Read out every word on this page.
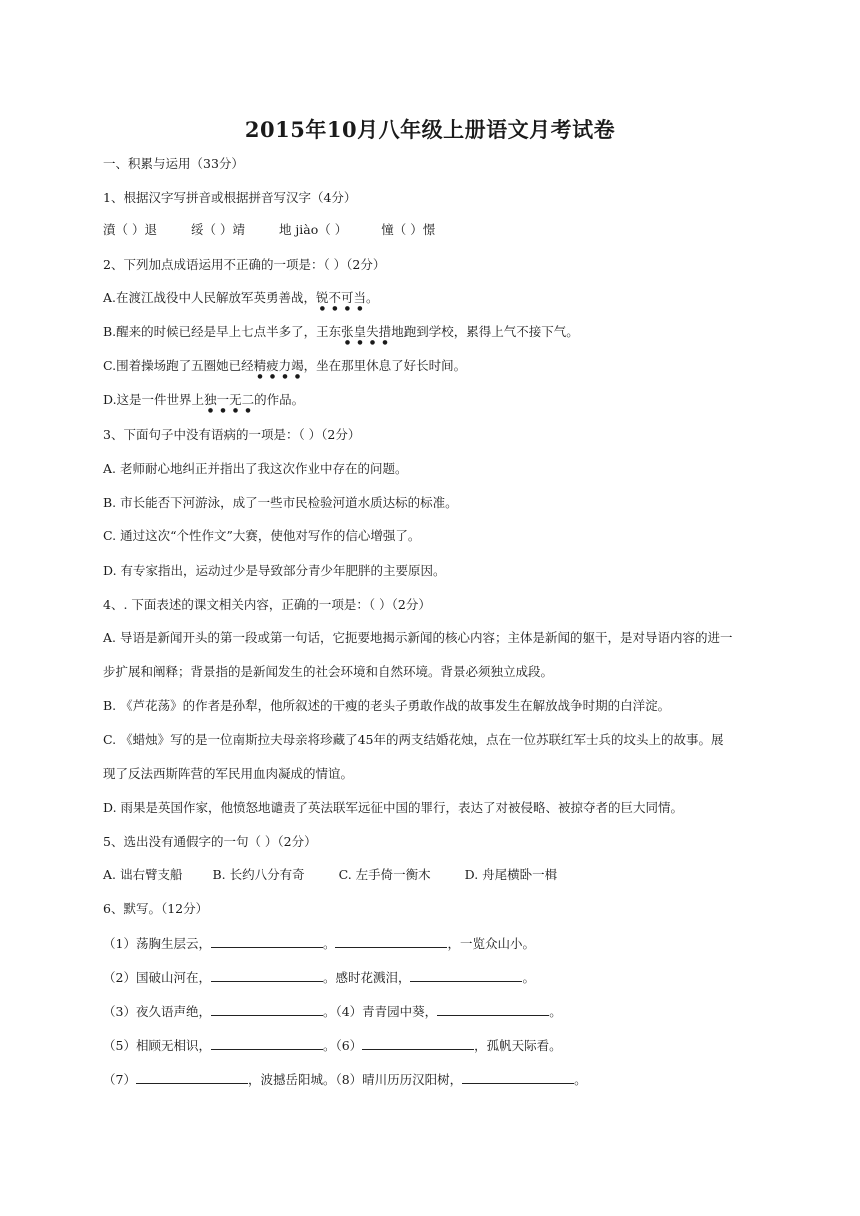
2015年10月八年级上册语文月考试卷
一、积累与运用（33分）
1、根据汉字写拼音或根据拼音写汉字（4分）
濆（ ）退	绥（ ）靖	地 jiào（ ）	憧（ ）憬
2、下列加点成语运用不正确的一项是：（ ）（2分）
A.在渡江战役中人民解放军英勇善战，锐不可当。
B.醒来的时候已经是早上七点半多了，王东张皇失措地跑到学校，累得上气不接下气。
C.围着操场跑了五圈她已经精疲力竭，坐在那里休息了好长时间。
D.这是一件世界上独一无二的作品。
3、下面句子中没有语病的一项是：（ ）（2分）
A. 老师耐心地纠正并指出了我这次作业中存在的问题。
B. 市长能否下河游泳，成了一些市民检验河道水质达标的标准。
C. 通过这次“个性作文”大赛，使他对写作的信心增强了。
D. 有专家指出，运动过少是导致部分青少年肥胖的主要原因。
4、. 下面表述的课文相关内容，正确的一项是：（ ）（2分）
A. 导语是新闻开头的第一段或第一句话，它扼要地揭示新闻的核心内容；主体是新闻的躯干，是对导语内容的进一
步扩展和阐释；背景指的是新闻发生的社会环境和自然环境。背景必须独立成段。
B. 《芦花荡》的作者是孙犁，他所叙述的干瘦的老头子勇敢作战的故事发生在解放战争时期的白洋淀。
C. 《蜡烛》写的是一位南斯拉夫母亲将珍藏了45年的两支结婚花烛，点在一位苏联红军士兵的坟头上的故事。展
现了反法西斯阵营的军民用血肉凝成的情谊。
D. 雨果是英国作家，他愤怒地谴责了英法联军远征中国的罪行，表达了对被侵略、被掠夺者的巨大同情。
5、选出没有通假字的一句（ ）（2分）
A. 诎右臂支船 B. 长约八分有奇	C. 左手倚一衡木	D. 舟尾横卧一楫
6、默写。（12分）
（1）荡胸生层云，	。	，一览众山小。
（2）国破山河在，	。感时花溅泪，	。
（3）夜久语声绝，	。（4）青青园中葵，	。
（5）相顾无相识，	。（6）	，孤帆天际看。
（7）	，波撼岳阳城。（8）晴川历历汉阳树，	。
